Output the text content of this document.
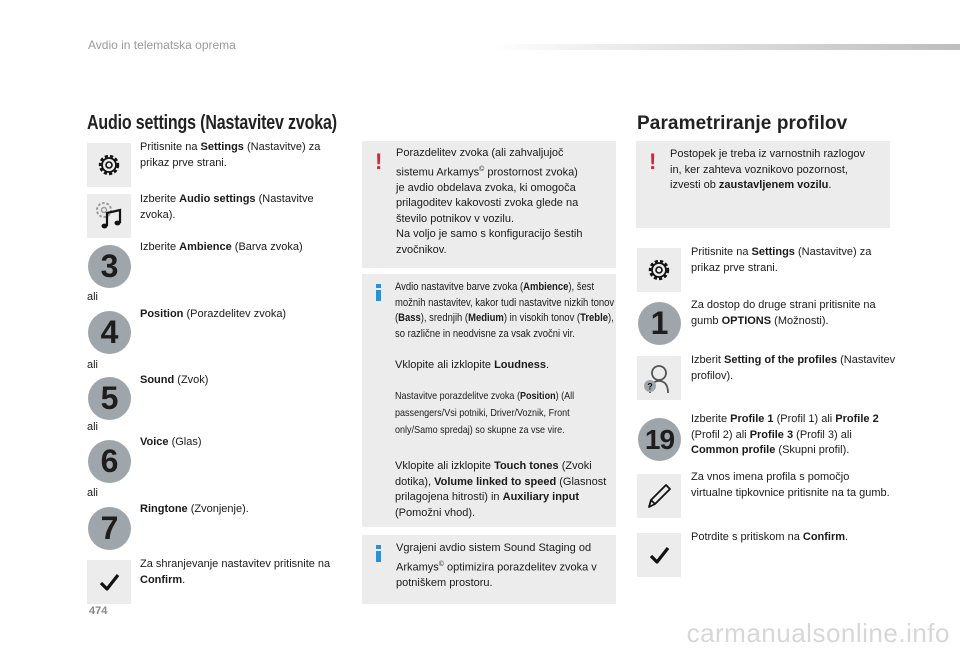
Avdio in telematska oprema
Audio settings (Nastavitev zvoka)
Pritisnite na Settings (Nastavitve) za prikaz prve strani.
Izberite Audio settings (Nastavitve zvoka).
3
Izberite Ambience (Barva zvoka)
ali
4	Position (Porazdelitev zvoka)
ali
5	Sound (Zvok)
ali
6
Voice (Glas)
ali
7
Ringtone (Zvonjenje).
Za shranjevanje nastavitev pritisnite na Confirm.
! Porazdelitev zvoka (ali zahvaljujoč
sistemu Arkamys© prostornost zvoka)
je avdio obdelava zvoka, ki omogoča
prilagoditev kakovosti zvoka glede na
število potnikov v vozilu.
Na voljo je samo s konfiguracijo šestih
zvočnikov.
Avdio nastavitve barve zvoka (Ambience), šest možnih nastavitev, kakor tudi nastavitve nizkih tonov (Bass), srednjih (Medium) in visokih tonov (Treble), so različne in neodvisne za vsak zvočni vir.
Vklopite ali izklopite Loudness.
Nastavitve porazdelitve zvoka (Position) (All passengers/Vsi potniki, Driver/Voznik, Front only/Samo spredaj) so skupne za vse vire.
Vklopite ali izklopite Touch tones (Zvoki dotika), Volume linked to speed (Glasnost prilagojena hitrosti) in Auxiliary input (Pomožni vhod).
Vgrajeni avdio sistem Sound Staging od Arkamys© optimizira porazdelitev zvoka v potniškem prostoru.
Parametriranje profilov
! Postopek je treba iz varnostnih razlogov in, ker zahteva voznikovo pozornost, izvesti ob zaustavljenem vozilu.
Pritisnite na Settings (Nastavitve) za prikaz prve strani.
1	Za dostop do druge strani pritisnite na gumb OPTIONS (Možnosti).
?
Izberit Setting of the profiles (Nastavitev profilov).
19
Izberite Profile 1 (Profil 1) ali Profile 2 (Profil 2) ali Profile 3 (Profil 3) ali Common profile (Skupni profil).
Za vnos imena profila s pomočjo virtualne tipkovnice pritisnite na ta gumb.
Potrdite s pritiskom na Confirm.
474
carmanualsonline.info
